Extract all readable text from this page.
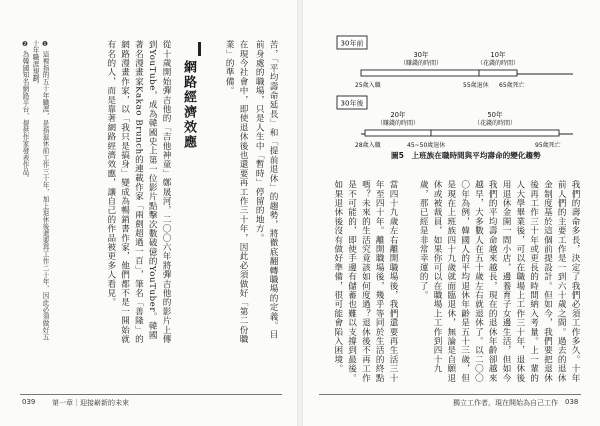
苦，「平均壽命延長」和「提前退休」的趨勢，將徹底翻轉職場的定義。目前身處的職場，只是人生中「暫時」停留的地方。
在現今社會中，即使退休後也還要再工作三十年，因此必須做好「第二份職業」的準備。
網路經濟效應
從十歲開始彈吉他的「吉他神童」鄭晟河，二〇〇六年將彈吉他的影片上傳到YouTube，成為韓國史上第一位影片點擊次數破億的YouTuber。韓國著名漫畫家Kakao Brunch的連載作家「兩劍超過一百」，筆名「善隆」的網路漫畫作家，以「我只是搞身」變成為暢銷書作家，他們都不是一開始就有名的人，而是靠著網路經濟效應，讓自己的作品被更多人看見。
❶ 這裡指的五十年職涯，是指退休前工作三十年，加上退休後還要再工作二十年，因此必須做好五十年職涯規劃。
❷ 為韓國知名網路平台，提供作家發表作品。
039 第一章｜迎接嶄新的未來
30年前
30年
（賺錢的時間）
10年
（花錢的時間）
25歲入職	55歲退休 65歲死亡
30年後
20年
（賺錢的時間）
50年
（花錢的時間）
28歲入職	45~50歲退休	95歲死亡
圖5　上班族在職時間與平均壽命的變化趨勢
我們的壽命多長，決定了我們必須工作多久。十年前人們的主要工作是一到六十歲之間。過去的退休金制度基於這個前提設計。但如今，我們要把退休後再工作三十年或更長的時間納入考量。上一輩的人大學畢業後，可以在職場上工作三十年，退休後用退休金開一間小店，邊養育子女邊生活，但如今我們的平均壽命越來越長，現在的退休年齡卻越來越早，大多數人在五十歲左右就退休了。以二〇〇〇年為例，韓國人的平均退休年齡是五十三歲，但是現在上班族四十九歲就面臨退休，無論是自願退休或被裁員，如果你可以在職場上工作到四十九歲，那已經是非常幸運的了。
當四十九歲左右離開職場後，我們還要再生活三十年至四十年。離開職場後，幾乎等同於生活的終點嗎？未來的生活究竟該如何度過？退休後不再工作是不可能的，即使手邊有儲蓄也難以支撐到最後。如果退休後沒有做好準備，很可能會陷入困境。
獨立工作者，現在開始為自己工作 038
